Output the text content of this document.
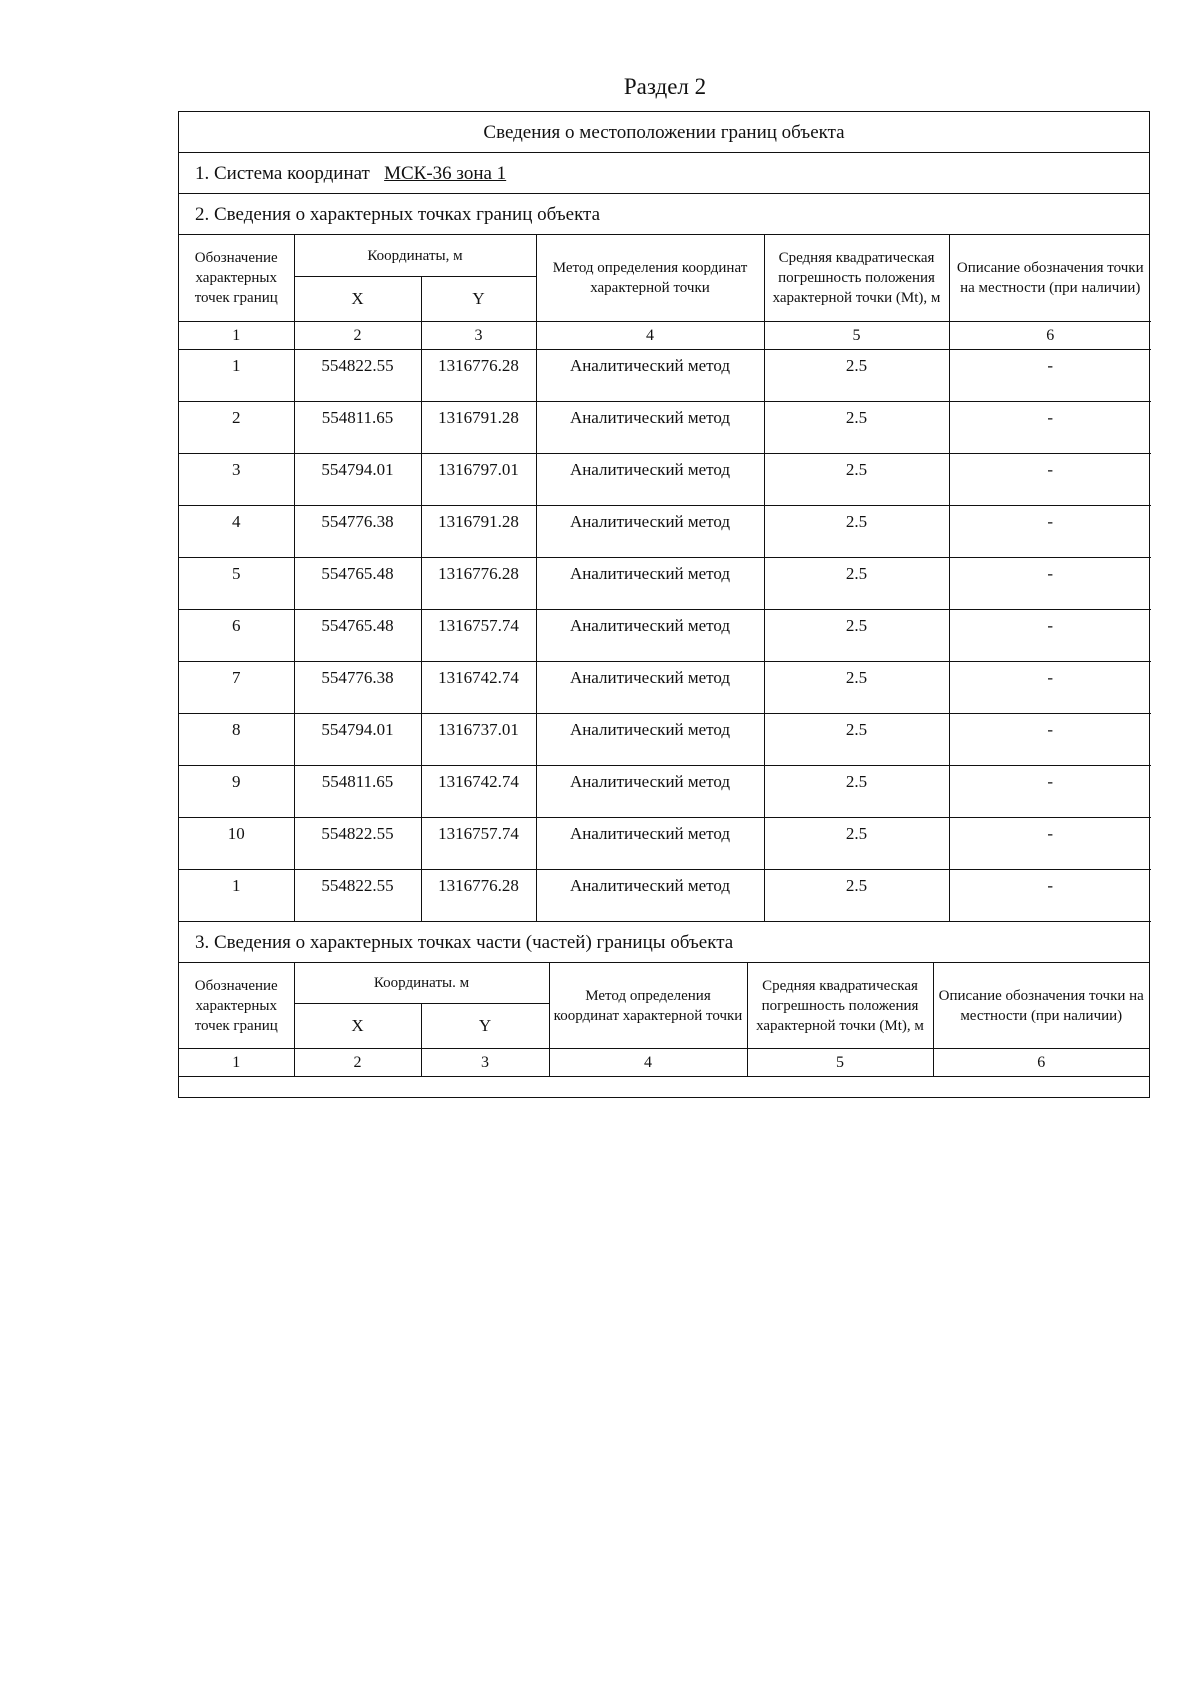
Раздел 2
Сведения о местоположении границ объекта
1. Система координат МСК-36 зона 1
2. Сведения о характерных точках границ объекта
Обозначение характерных точек границ	Координаты, м		Метод определения координат характерной точки	Средняя квадратическая погрешность положения характерной точки (Mt), м	Описание обозначения точки на местности (при наличии)
	X	Y			
1	2	3	4	5	6
1	554822.55	1316776.28	Аналитический метод	2.5	-
2	554811.65	1316791.28	Аналитический метод	2.5	-
3	554794.01	1316797.01	Аналитический метод	2.5	-
4	554776.38	1316791.28	Аналитический метод	2.5	-
5	554765.48	1316776.28	Аналитический метод	2.5	-
6	554765.48	1316757.74	Аналитический метод	2.5	-
7	554776.38	1316742.74	Аналитический метод	2.5	-
8	554794.01	1316737.01	Аналитический метод	2.5	-
9	554811.65	1316742.74	Аналитический метод	2.5	-
10	554822.55	1316757.74	Аналитический метод	2.5	-
1	554822.55	1316776.28	Аналитический метод	2.5	-
3. Сведения о характерных точках части (частей) границы объекта
Обозначение характерных точек границ	Координаты. м		Метод определения координат характерной точки	Средняя квадратическая погрешность положения характерной точки (Mt), м	Описание обозначения точки на местности (при наличии)
	X	Y			
1	2	3	4	5	6
